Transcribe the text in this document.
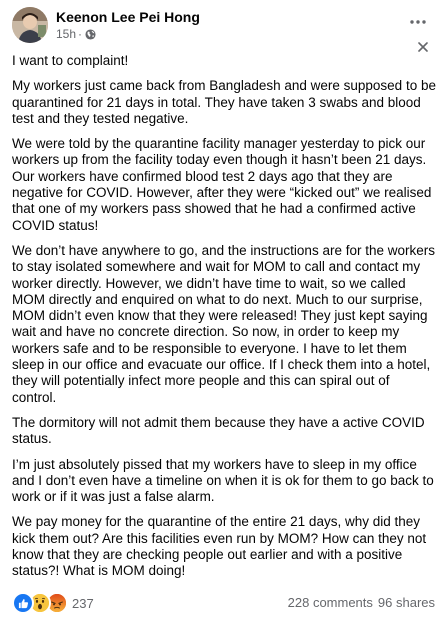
Keenon Lee Pei Hong
15h ·

I want to complaint!

My workers just came back from Bangladesh and were supposed to be quarantined for 21 days in total. They have taken 3 swabs and blood test and they tested negative.

We were told by the quarantine facility manager yesterday to pick our workers up from the facility today even though it hasn’t been 21 days. Our workers have confirmed blood test 2 days ago that they are negative for COVID. However, after they were “kicked out” we realised that one of my workers pass showed that he had a confirmed active COVID status!

We don’t have anywhere to go, and the instructions are for the workers to stay isolated somewhere and wait for MOM to call and contact my worker directly. However, we didn’t have time to wait, so we called MOM directly and enquired on what to do next. Much to our surprise, MOM didn’t even know that they were released! They just kept saying wait and have no concrete direction. So now, in order to keep my workers safe and to be responsible to everyone. I have to let them sleep in our office and evacuate our office. If I check them into a hotel, they will potentially infect more people and this can spiral out of control.

The dormitory will not admit them because they have a active COVID status.

I’m just absolutely pissed that my workers have to sleep in my office and I don’t even have a timeline on when it is ok for them to go back to work or if it was just a false alarm.

We pay money for the quarantine of the entire 21 days, why did they kick them out? Are this facilities even run by MOM? How can they not know that they are checking people out earlier and with a positive status?! What is MOM doing!

237	228 comments 96 shares
